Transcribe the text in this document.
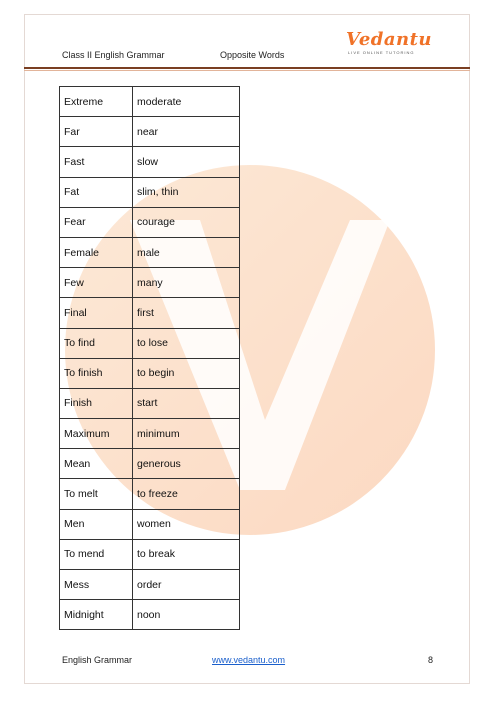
Class II English Grammar	Opposite Words
Vedantu
LIVE ONLINE TUTORING
Extreme	moderate
Far	near
Fast	slow
Fat	slim, thin
Fear	courage
Female	male
Few	many
Final	first
To find	to lose
To finish	to begin
Finish	start
Maximum	minimum
Mean	generous
To melt	to freeze
Men	women
To mend	to break
Mess	order
Midnight	noon
English Grammar	www.vedantu.com	8
